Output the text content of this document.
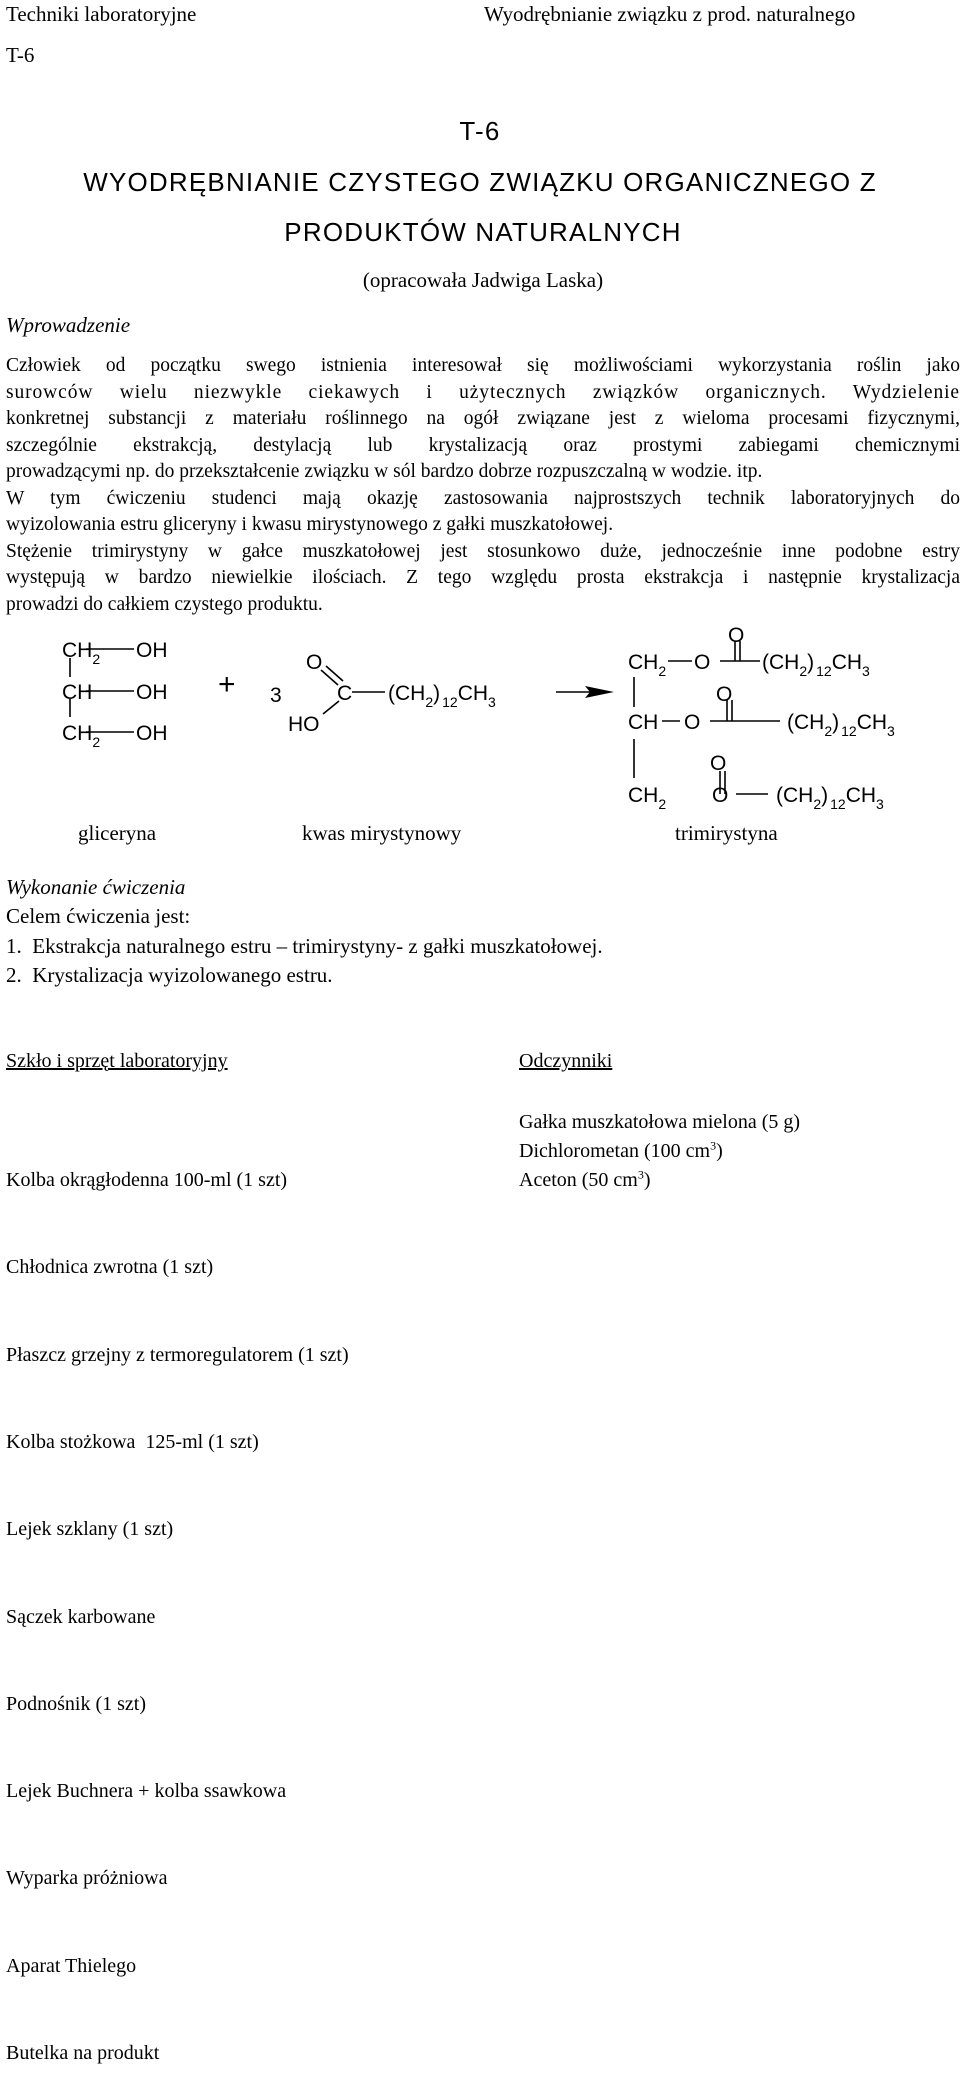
Techniki laboratoryjne	Wyodrębnianie związku z prod. naturalnego
T-6
T-6
WYODRĘBNIANIE CZYSTEGO ZWIĄZKU ORGANICZNEGO Z
PRODUKTÓW NATURALNYCH
(opracowała Jadwiga Laska)
Wprowadzenie
Człowiek od początku swego istnienia interesował się możliwościami wykorzystania roślin jako
surowców wielu niezwykle ciekawych i użytecznych związków organicznych. Wydzielenie
konkretnej substancji z materiału roślinnego na ogół związane jest z wieloma procesami fizycznymi,
szczególnie ekstrakcją, destylacją lub krystalizacją oraz prostymi zabiegami chemicznymi
prowadzącymi np. do przekształcenie związku w sól bardzo dobrze rozpuszczalną w wodzie. itp.
W tym ćwiczeniu studenci mają okazję zastosowania najprostszych technik laboratoryjnych do
wyizolowania estru gliceryny i kwasu mirystynowego z gałki muszkatołowej.
Stężenie trimirystyny w gałce muszkatołowej jest stosunkowo duże, jednocześnie inne podobne estry
występują w bardzo niewielkie ilościach. Z tego względu prosta ekstrakcja i następnie krystalizacja
prowadzi do całkiem czystego produktu.
$CH_2$ OH
CH OH
$CH_2$ OH
+ 3
O
C
HO
$(CH_2)$ $_{12}CH_3$
O
$CH_2$ O $(CH_2)$ $_{12}CH_3$
O
CH O	$(CH_2)$ $_{12}CH_3$
O
$CH_2$ O $(CH_2)$ $_{12}CH_3$
gliceryna	kwas mirystynowy	trimirystyna
Wykonanie ćwiczenia
Celem ćwiczenia jest:
1.  Ekstrakcja naturalnego estru – trimirystyny- z gałki muszkatołowej.
2.  Krystalizacja wyizolowanego estru.
Szkło i sprzęt laboratoryjny

Kolba okrągłodenna 100-ml (1 szt)

Chłodnica zwrotna (1 szt)

Płaszcz grzejny z termoregulatorem (1 szt)

Kolba stożkowa  125-ml (1 szt)

Lejek szklany (1 szt)

Sączek karbowane

Podnośnik (1 szt)

Lejek Buchnera + kolba ssawkowa

Wyparka próżniowa

Aparat Thielego

Butelka na produkt

Odczynniki
Gałka muszkatołowa mielona (5 g)
Dichlorometan (100 $cm^3$)
Aceton (50 $cm^3$)
